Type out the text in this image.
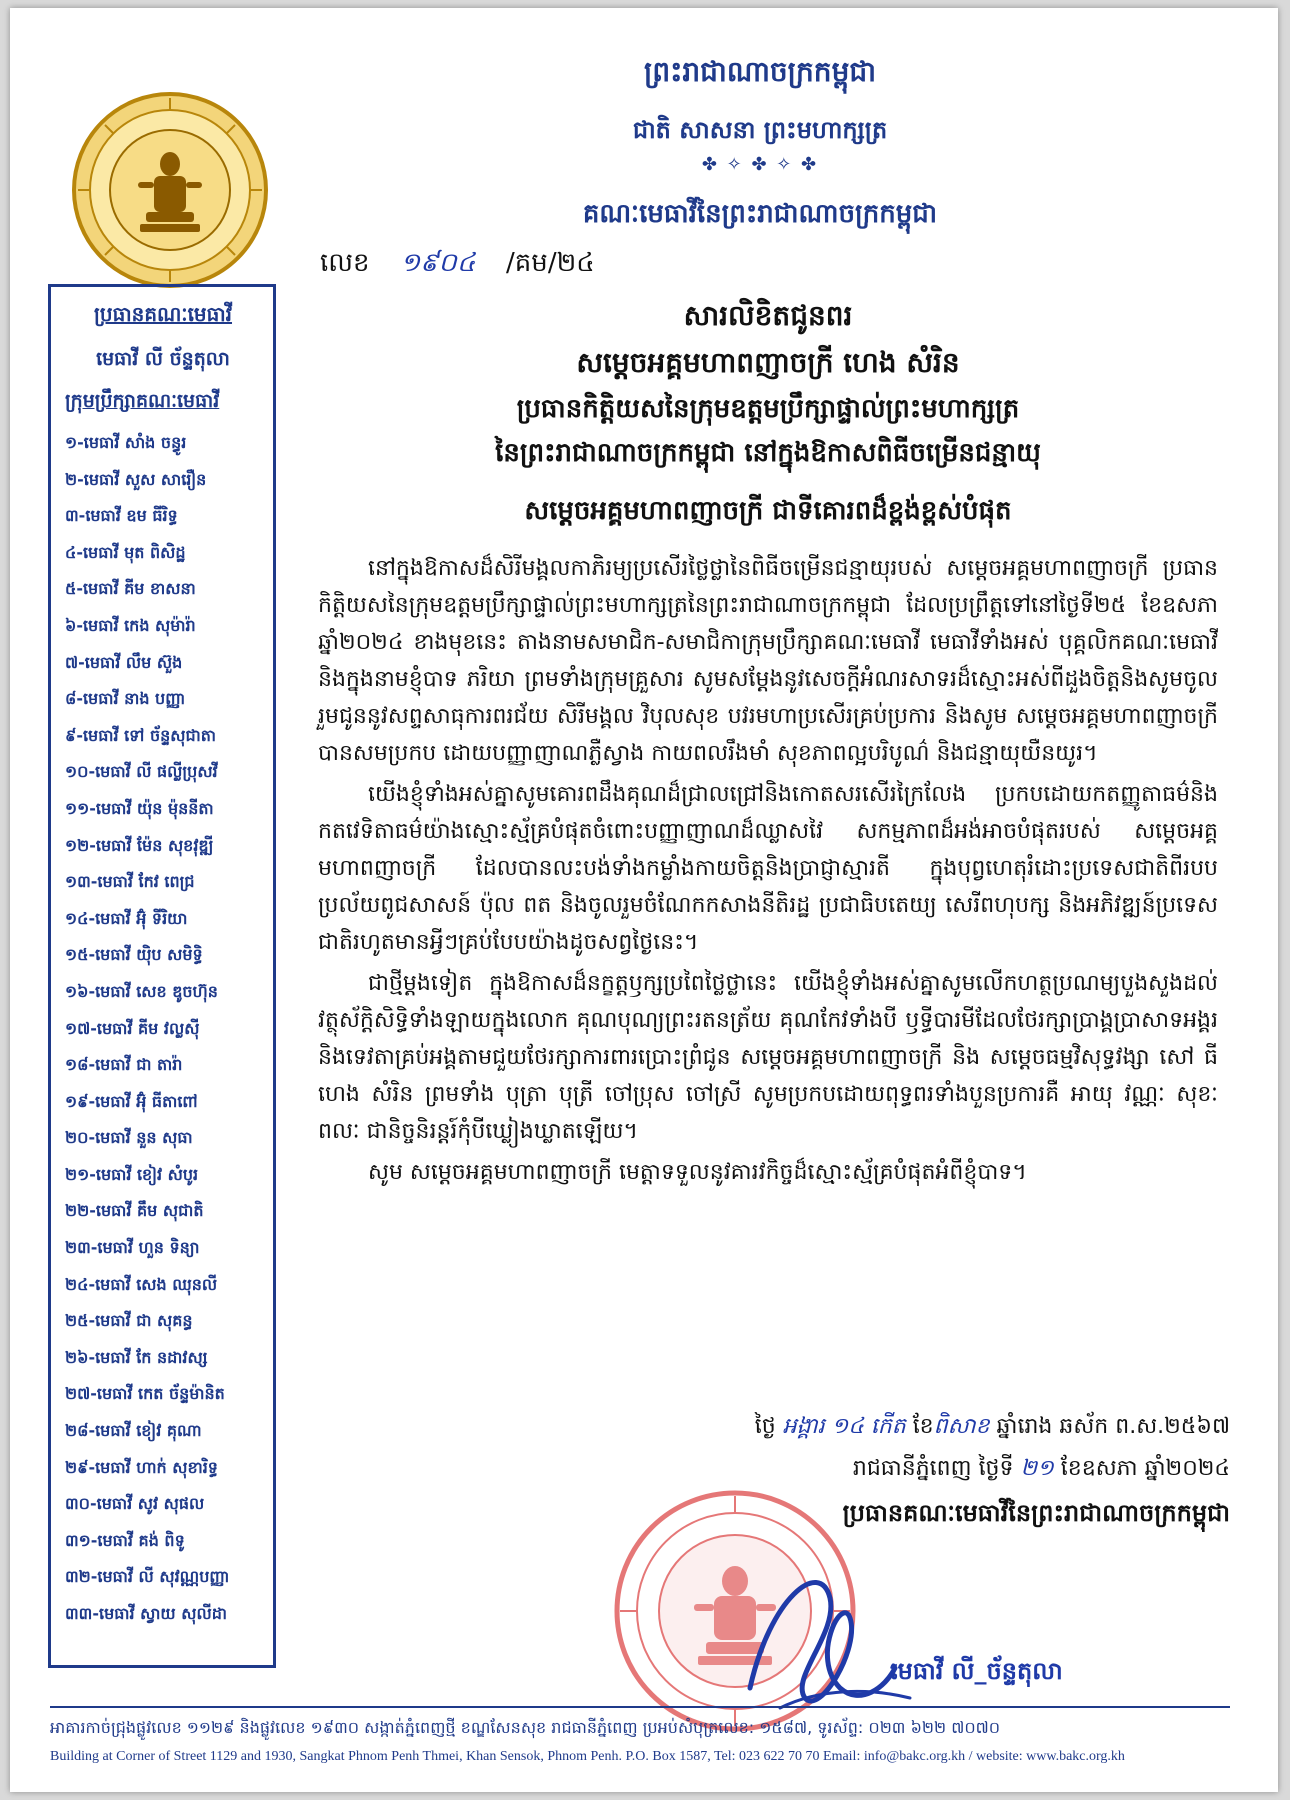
ព្រះរាជាណាចក្រកម្ពុជា
ជាតិ សាសនា ព្រះមហាក្សត្រ
✤ ✧ ✤ ✧ ✤
គណៈមេធាវីនៃព្រះរាជាណាចក្រកម្ពុជា
លេខ ១៩០៤ /គម/២៤
ប្រធានគណៈមេធាវី
មេធាវី លី ច័ន្ទតុលា
ក្រុមប្រឹក្សាគណៈមេធាវី
១-មេធាវី សាំង ចន្ធូរ
២-មេធាវី សួស សារឿន
៣-មេធាវី ឧម ធីរិទ្ធ
៤-មេធាវី មុត ពិសិដ្ឋ
៥-មេធាវី គីម ខាសនា
៦-មេធាវី កេង សុម៉ារ៉ា
៧-មេធាវី លឹម ស៊ួង
៨-មេធាវី នាង បញ្ញា
៩-មេធាវី ទៅ ច័ន្ទសុជាតា
១០-មេធាវី លី ផល្លីប្រុសវី
១១-មេធាវី យ៉ុន ម៉ុននីតា
១២-មេធាវី ម៉ែន សុខវុឌ្ឍី
១៣-មេធាវី កែវ ពេជ្រ
១៤-មេធាវី អ៊ុំ ទីរិយា
១៥-មេធាវី យ៉ិប សមិទ្ធិ
១៦-មេធាវី សេខ ឌូចហ៊ុន
១៧-មេធាវី គីម វល្លស៊ី
១៨-មេធាវី ជា តារ៉ា
១៩-មេធាវី អ៊ុំ ធីតាពៅ
២០-មេធាវី នួន សុធា
២១-មេធាវី ខៀវ សំបូរ
២២-មេធាវី គឹម សុជាតិ
២៣-មេធាវី ហួន ទិន្យា
២៤-មេធាវី សេង ឈុនលី
២៥-មេធាវី ជា សុគន្ធ
២៦-មេធាវី កែ នដាវស្ស
២៧-មេធាវី កេត ច័ន្ទម៉ានិត
២៨-មេធាវី ខៀវ គុណា
២៩-មេធាវី ហាក់ សុខារិទ្ធ
៣០-មេធាវី សូវ សុផល
៣១-មេធាវី គង់ ពិទូ
៣២-មេធាវី លី សុវណ្ណបញ្ញា
៣៣-មេធាវី ស្វាយ សុលីដា
សារលិខិតជូនពរ
សម្តេចអគ្គមហាពញាចក្រី ហេង សំរិន
ប្រធានកិត្តិយសនៃក្រុមឧត្តមប្រឹក្សាផ្ទាល់ព្រះមហាក្សត្រ
នៃព្រះរាជាណាចក្រកម្ពុជា នៅក្នុងឱកាសពិធីចម្រើនជន្មាយុ
សម្តេចអគ្គមហាពញាចក្រី ជាទីគោរពដ៏ខ្ពង់ខ្ពស់បំផុត

នៅក្នុងឱកាសដ៏សិរីមង្គលកាភិរម្យប្រសើរថ្លៃថ្លានៃពិធីចម្រើនជន្មាយុរបស់ សម្តេចអគ្គមហាពញាចក្រី ប្រធានកិត្តិយសនៃក្រុមឧត្តមប្រឹក្សាផ្ទាល់ព្រះមហាក្សត្រនៃព្រះរាជាណាចក្រកម្ពុជា ដែលប្រព្រឹត្តទៅនៅថ្ងៃទី២៥ ខែឧសភា ឆ្នាំ២០២៤ ខាងមុខនេះ តាងនាមសមាជិក-សមាជិកាក្រុមប្រឹក្សាគណៈមេធាវី មេធាវីទាំងអស់ បុគ្គលិកគណៈមេធាវី និងក្នុងនាមខ្ញុំបាទ ភរិយា ព្រមទាំងក្រុមគ្រួសារ សូមសម្តែងនូវសេចក្តីអំណរសាទរដ៏ស្មោះអស់ពីដួងចិត្តនិងសូមចូលរួមជូននូវសព្ទសាធុការពរជ័យ សិរីមង្គល វិបុលសុខ បវរមហាប្រសើរគ្រប់ប្រការ និងសូម សម្តេចអគ្គមហាពញាចក្រី បានសមប្រកប ដោយបញ្ញាញាណភ្លឺស្វាង កាយពលរឹងមាំ សុខភាពល្អបរិបូណ៌ និងជន្មាយុយឺនយូរ។

យើងខ្ញុំទាំងអស់គ្នាសូមគោរពដឹងគុណដ៏ជ្រាលជ្រៅនិងកោតសរសើរក្រៃលែង ប្រកបដោយកតញ្ញូតាធម៌និងកតវេទិតាធម៌យ៉ាងស្មោះស្ម័គ្របំផុតចំពោះបញ្ញាញាណដ៏ឈ្លាសវៃ សកម្មភាពដ៏អង់អាចបំផុតរបស់ សម្តេចអគ្គមហាពញាចក្រី ដែលបានលះបង់ទាំងកម្លាំងកាយចិត្តនិងប្រាជ្ញាស្មារតី ក្នុងបុព្វហេតុរំដោះប្រទេសជាតិពីរបបប្រល័យពូជសាសន៍ ប៉ុល ពត និងចូលរួមចំណែកកសាងនីតិរដ្ឋ ប្រជាធិបតេយ្យ សេរីពហុបក្ស និងអភិវឌ្ឍន៍ប្រទេសជាតិរហូតមានអ្វីៗគ្រប់បែបយ៉ាងដូចសព្វថ្ងៃនេះ។

ជាថ្មីម្តងទៀត ក្នុងឱកាសដ៏នក្ខត្តឫក្សប្រពៃថ្លៃថ្លានេះ យើងខ្ញុំទាំងអស់គ្នាសូមលើកហត្ថប្រណម្យបួងសួងដល់វត្ថុស័ក្តិសិទ្ធិទាំងឡាយក្នុងលោក គុណបុណ្យព្រះរតនត្រ័យ គុណកែវទាំងបី ឫទ្ធីបារមីដែលថែរក្សាប្រាង្គប្រាសាទអង្គរ និងទេវតាគ្រប់អង្គតាមជួយថែរក្សាការពារប្រោះព្រំជូន សម្តេចអគ្គមហាពញាចក្រី និង សម្តេចធម្មវិសុទ្ធវង្សា សៅ ធី ហេង សំរិន ព្រមទាំង បុត្រា បុត្រី ចៅប្រុស ចៅស្រី សូមប្រកបដោយពុទ្ធពរទាំងបួនប្រការគឺ អាយុ វណ្ណៈ សុខៈ ពលៈ ជានិច្ចនិរន្តរ៍កុំបីឃ្លៀងឃ្លាតឡើយ។

សូម សម្តេចអគ្គមហាពញាចក្រី មេត្តាទទួលនូវគារវកិច្ចដ៏ស្មោះស្ម័គ្របំផុតអំពីខ្ញុំបាទ។

ថ្ងៃ អង្គារ ១៤ កើត ខែពិសាខ ឆ្នាំរោង ឆស័ក ព.ស.២៥៦៧
រាជធានីភ្នំពេញ ថ្ងៃទី ២១ ខែឧសភា ឆ្នាំ២០២៤
ប្រធានគណៈមេធាវីនៃព្រះរាជាណាចក្រកម្ពុជា
មេធាវី លី_ច័ន្ទតុលា
អាគារកាច់ជ្រុងផ្លូវលេខ ១១២៩ និងផ្លូវលេខ ១៩៣០ សង្កាត់ភ្នំពេញថ្មី ខណ្ឌសែនសុខ រាជធានីភ្នំពេញ ប្រអប់សំបុត្រលេខ: ១៥៨៧, ទូរស័ព្ទ: ០២៣ ៦២២ ៧០៧០
Building at Corner of Street 1129 and 1930, Sangkat Phnom Penh Thmei, Khan Sensok, Phnom Penh. P.O. Box 1587, Tel: 023 622 70 70 Email: info@bakc.org.kh / website: www.bakc.org.kh
